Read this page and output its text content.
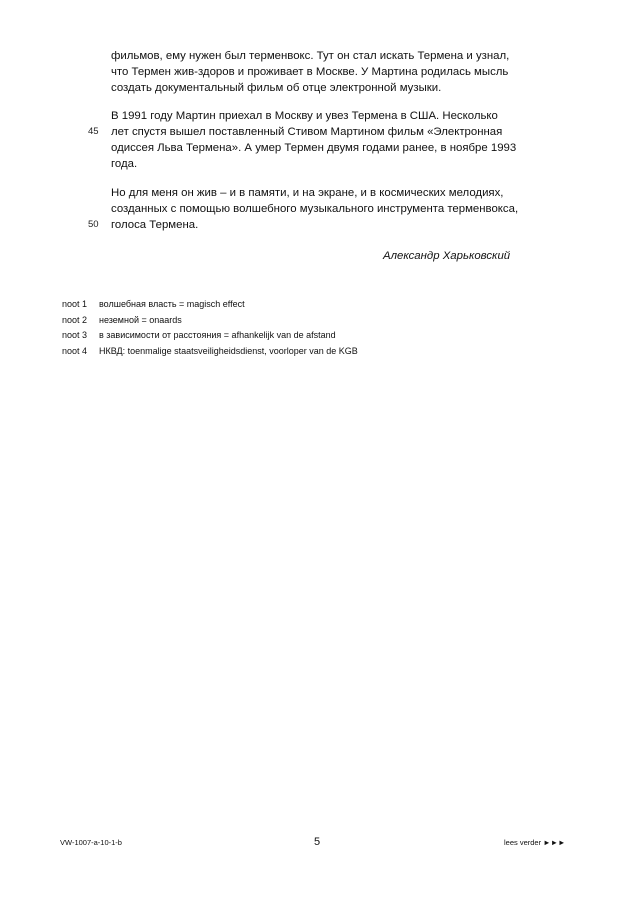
фильмов, ему нужен был терменвокс. Тут он стал искать Термена и узнал,
что Термен жив-здоров и проживает в Москве. У Мартина родилась мысль
создать документальный фильм об отце электронной музыки.
В 1991 году Мартин приехал в Москву и увез Термена в США. Несколько
лет спустя вышел поставленный Стивом Мартином фильм «Электронная
одиссея Льва Термена». А умер Термен двумя годами ранее, в ноябре 1993
года.
Но для меня он жив – и в памяти, и на экране, и в космических мелодиях,
созданных с помощью волшебного музыкального инструмента терменвокса,
голоса Термена.
45
50
Александр Харьковский
noot 1 волшебная власть = magisch effect
noot 2 неземной = onaards
noot 3 в зависимости от расстояния = afhankelijk van de afstand
noot 4 НКВД: toenmalige staatsveiligheidsdienst, voorloper van de KGB
VW-1007-a-10-1-b	5	lees verder ►►►
